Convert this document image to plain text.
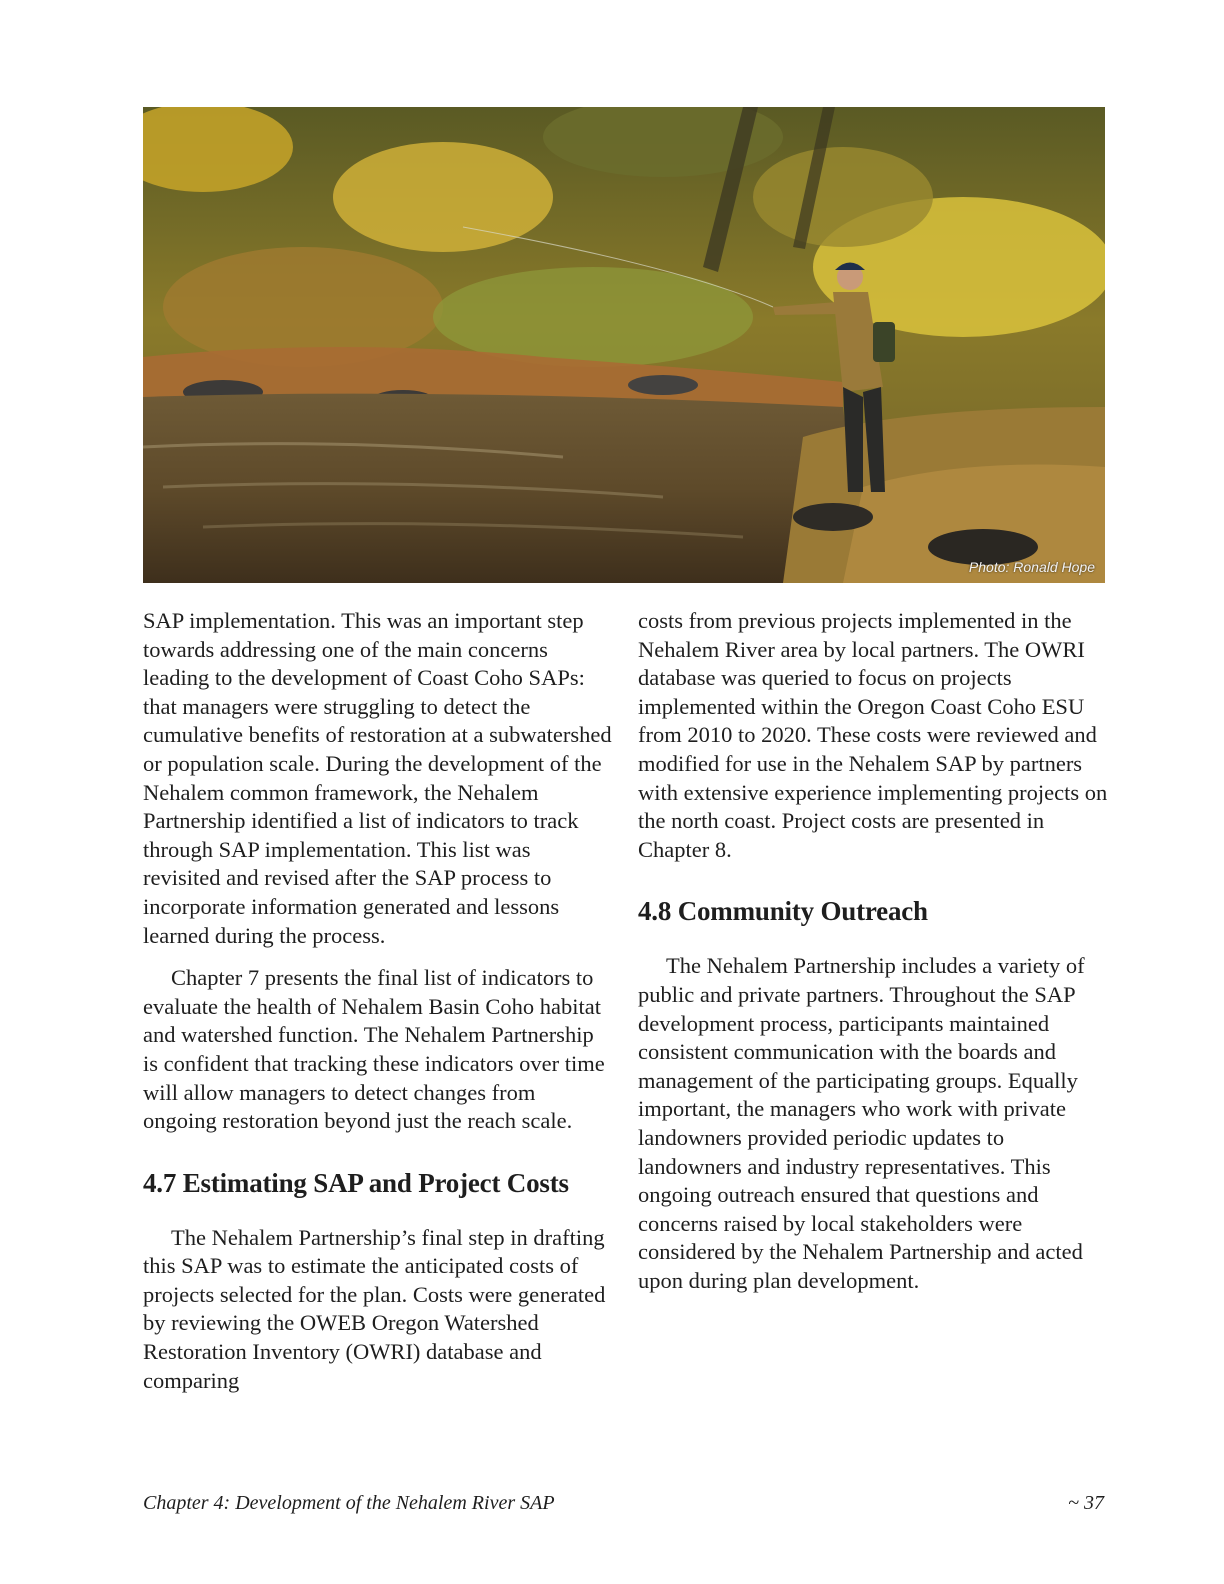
Photo: Ronald Hope

SAP implementation. This was an important step towards addressing one of the main concerns leading to the development of Coast Coho SAPs: that managers were struggling to detect the cumulative benefits of restoration at a subwatershed or population scale. During the development of the Nehalem common framework, the Nehalem Partnership identified a list of indicators to track through SAP implementation. This list was revisited and revised after the SAP process to incorporate information generated and lessons learned during the process.

Chapter 7 presents the final list of indicators to evaluate the health of Nehalem Basin Coho habitat and watershed function. The Nehalem Partnership is confident that tracking these indicators over time will allow managers to detect changes from ongoing restoration beyond just the reach scale.

4.7 Estimating SAP and Project Costs

The Nehalem Partnership’s final step in drafting this SAP was to estimate the anticipated costs of projects selected for the plan. Costs were generated by reviewing the OWEB Oregon Watershed Restoration Inventory (OWRI) database and comparing

costs from previous projects implemented in the Nehalem River area by local partners. The OWRI database was queried to focus on projects implemented within the Oregon Coast Coho ESU from 2010 to 2020. These costs were reviewed and modified for use in the Nehalem SAP by partners with extensive experience implementing projects on the north coast. Project costs are presented in Chapter 8.

4.8 Community Outreach

The Nehalem Partnership includes a variety of public and private partners. Throughout the SAP development process, participants maintained consistent communication with the boards and management of the participating groups. Equally important, the managers who work with private landowners provided periodic updates to landowners and industry representatives. This ongoing outreach ensured that questions and concerns raised by local stakeholders were considered by the Nehalem Partnership and acted upon during plan development.

Chapter 4: Development of the Nehalem River SAP	~ 37
